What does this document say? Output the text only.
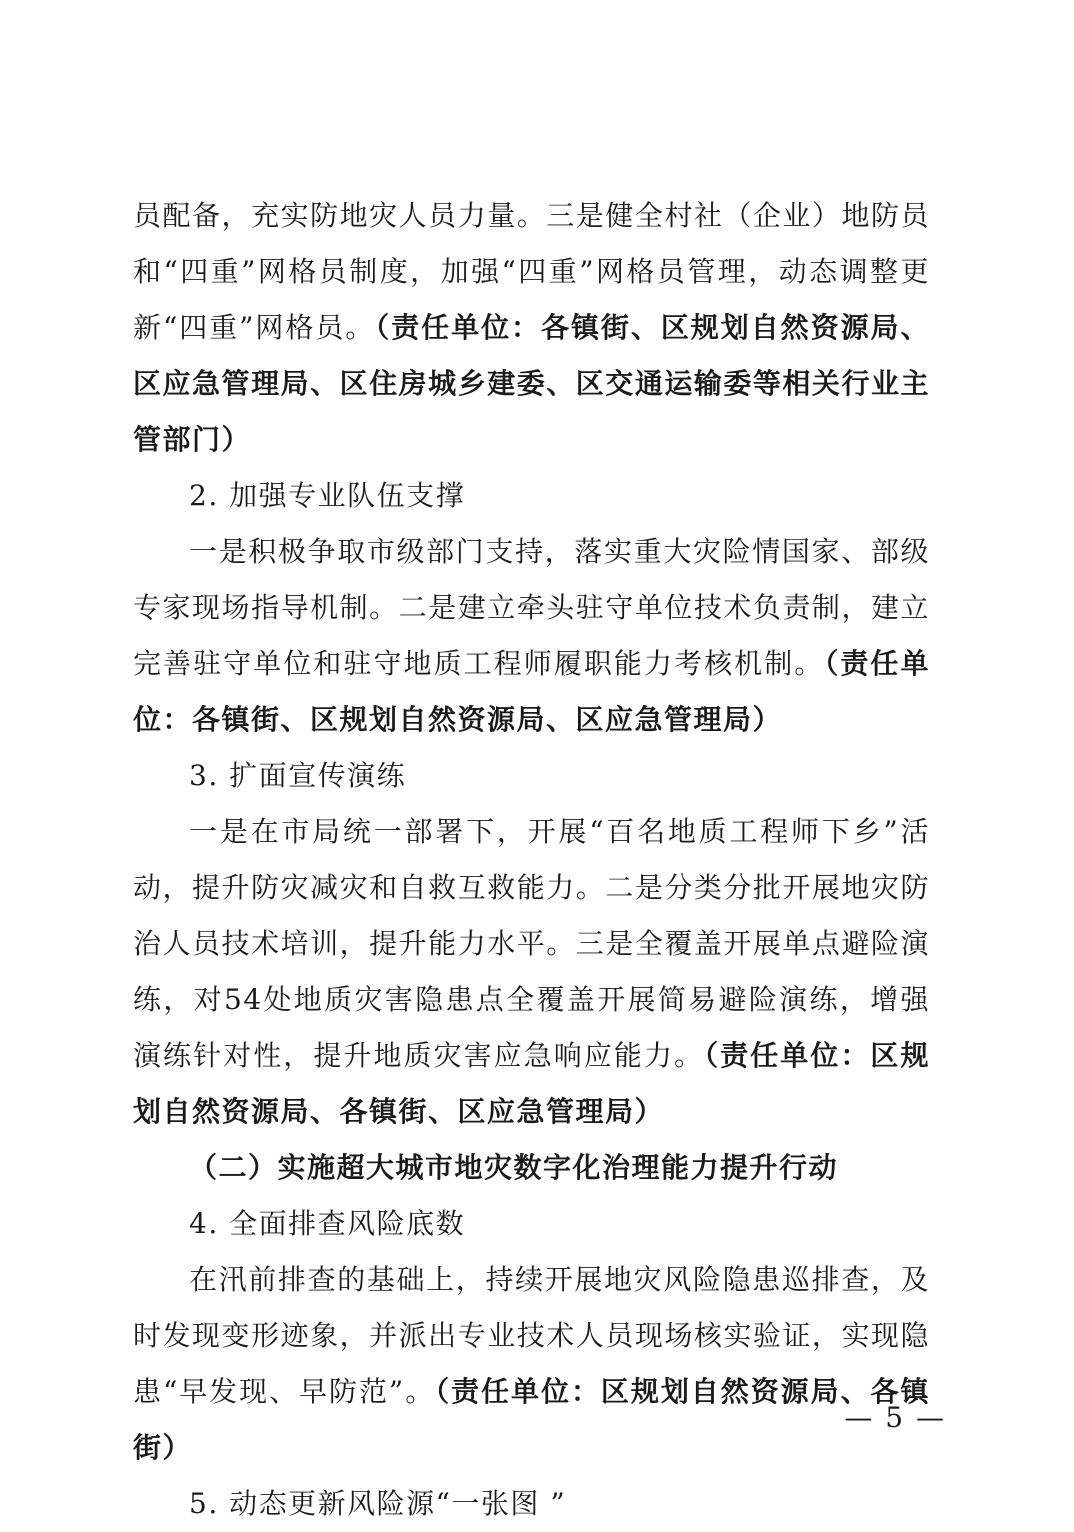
员配备，充实防地灾人员力量。三是健全村社（企业）地防员和“四重”网格员制度，加强“四重”网格员管理，动态调整更新“四重”网格员。（责任单位：各镇街、区规划自然资源局、区应急管理局、区住房城乡建委、区交通运输委等相关行业主管部门）

2. 加强专业队伍支撑

一是积极争取市级部门支持，落实重大灾险情国家、部级专家现场指导机制。二是建立牵头驻守单位技术负责制，建立完善驻守单位和驻守地质工程师履职能力考核机制。（责任单位：各镇街、区规划自然资源局、区应急管理局）

3. 扩面宣传演练

一是在市局统一部署下，开展“百名地质工程师下乡”活动，提升防灾减灾和自救互救能力。二是分类分批开展地灾防治人员技术培训，提升能力水平。三是全覆盖开展单点避险演练，对54处地质灾害隐患点全覆盖开展简易避险演练，增强演练针对性，提升地质灾害应急响应能力。（责任单位：区规划自然资源局、各镇街、区应急管理局）

（二）实施超大城市地灾数字化治理能力提升行动

4. 全面排查风险底数

在汛前排查的基础上，持续开展地灾风险隐患巡排查，及时发现变形迹象，并派出专业技术人员现场核实验证，实现隐患“早发现、早防范”。（责任单位：区规划自然资源局、各镇街）

5. 动态更新风险源“一张图 ”

— 5 —
